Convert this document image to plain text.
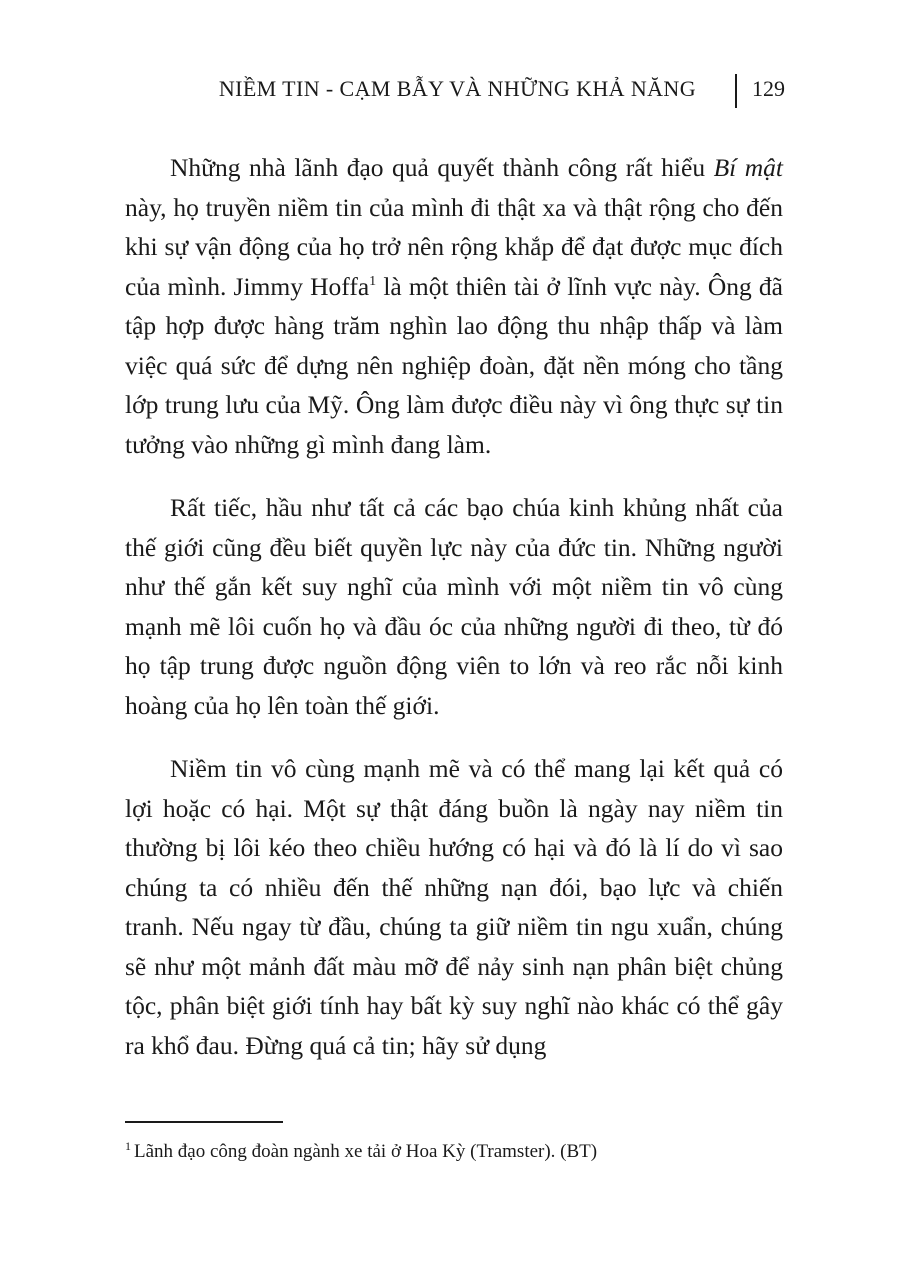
NIỀM TIN - CẠM BẪY VÀ NHỮNG KHẢ NĂNG	129

Những nhà lãnh đạo quả quyết thành công rất hiểu Bí mật này, họ truyền niềm tin của mình đi thật xa và thật rộng cho đến khi sự vận động của họ trở nên rộng khắp để đạt được mục đích của mình. Jimmy Hoffa$^1$ là một thiên tài ở lĩnh vực này. Ông đã tập hợp được hàng trăm nghìn lao động thu nhập thấp và làm việc quá sức để dựng nên nghiệp đoàn, đặt nền móng cho tầng lớp trung lưu của Mỹ. Ông làm được điều này vì ông thực sự tin tưởng vào những gì mình đang làm.

Rất tiếc, hầu như tất cả các bạo chúa kinh khủng nhất của thế giới cũng đều biết quyền lực này của đức tin. Những người như thế gắn kết suy nghĩ của mình với một niềm tin vô cùng mạnh mẽ lôi cuốn họ và đầu óc của những người đi theo, từ đó họ tập trung được nguồn động viên to lớn và reo rắc nỗi kinh hoàng của họ lên toàn thế giới.

Niềm tin vô cùng mạnh mẽ và có thể mang lại kết quả có lợi hoặc có hại. Một sự thật đáng buồn là ngày nay niềm tin thường bị lôi kéo theo chiều hướng có hại và đó là lí do vì sao chúng ta có nhiều đến thế những nạn đói, bạo lực và chiến tranh. Nếu ngay từ đầu, chúng ta giữ niềm tin ngu xuẩn, chúng sẽ như một mảnh đất màu mỡ để nảy sinh nạn phân biệt chủng tộc, phân biệt giới tính hay bất kỳ suy nghĩ nào khác có thể gây ra khổ đau. Đừng quá cả tin; hãy sử dụng

$^1$ Lãnh đạo công đoàn ngành xe tải ở Hoa Kỳ (Tramster). (BT)
